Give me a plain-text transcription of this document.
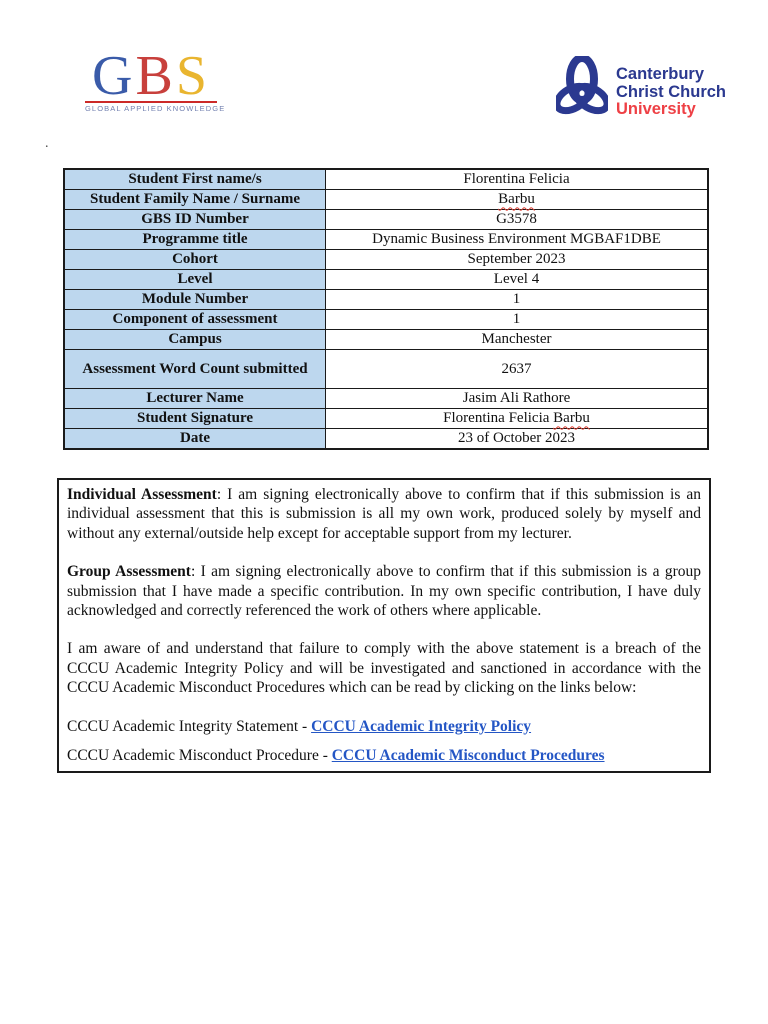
GBS
GLOBAL APPLIED KNOWLEDGE
Canterbury
Christ Church
University
.
Student First name/s	Florentina Felicia
Student Family Name / Surname	Barbu
GBS ID Number	G3578
Programme title	Dynamic Business Environment MGBAF1DBE
Cohort	September 2023
Level	Level 4
Module Number	1
Component of assessment	1
Campus	Manchester
Assessment Word Count submitted	2637
Lecturer Name	Jasim Ali Rathore
Student Signature	Florentina Felicia Barbu
Date	23 of October 2023

Individual Assessment: I am signing electronically above to confirm that if this submission is an individual assessment that this is submission is all my own work, produced solely by myself and without any external/outside help except for acceptable support from my lecturer.

Group Assessment: I am signing electronically above to confirm that if this submission is a group submission that I have made a specific contribution. In my own specific contribution, I have duly acknowledged and correctly referenced the work of others where applicable.

I am aware of and understand that failure to comply with the above statement is a breach of the CCCU Academic Integrity Policy and will be investigated and sanctioned in accordance with the CCCU Academic Misconduct Procedures which can be read by clicking on the links below:

CCCU Academic Integrity Statement - CCCU Academic Integrity Policy

CCCU Academic Misconduct Procedure - CCCU Academic Misconduct Procedures
